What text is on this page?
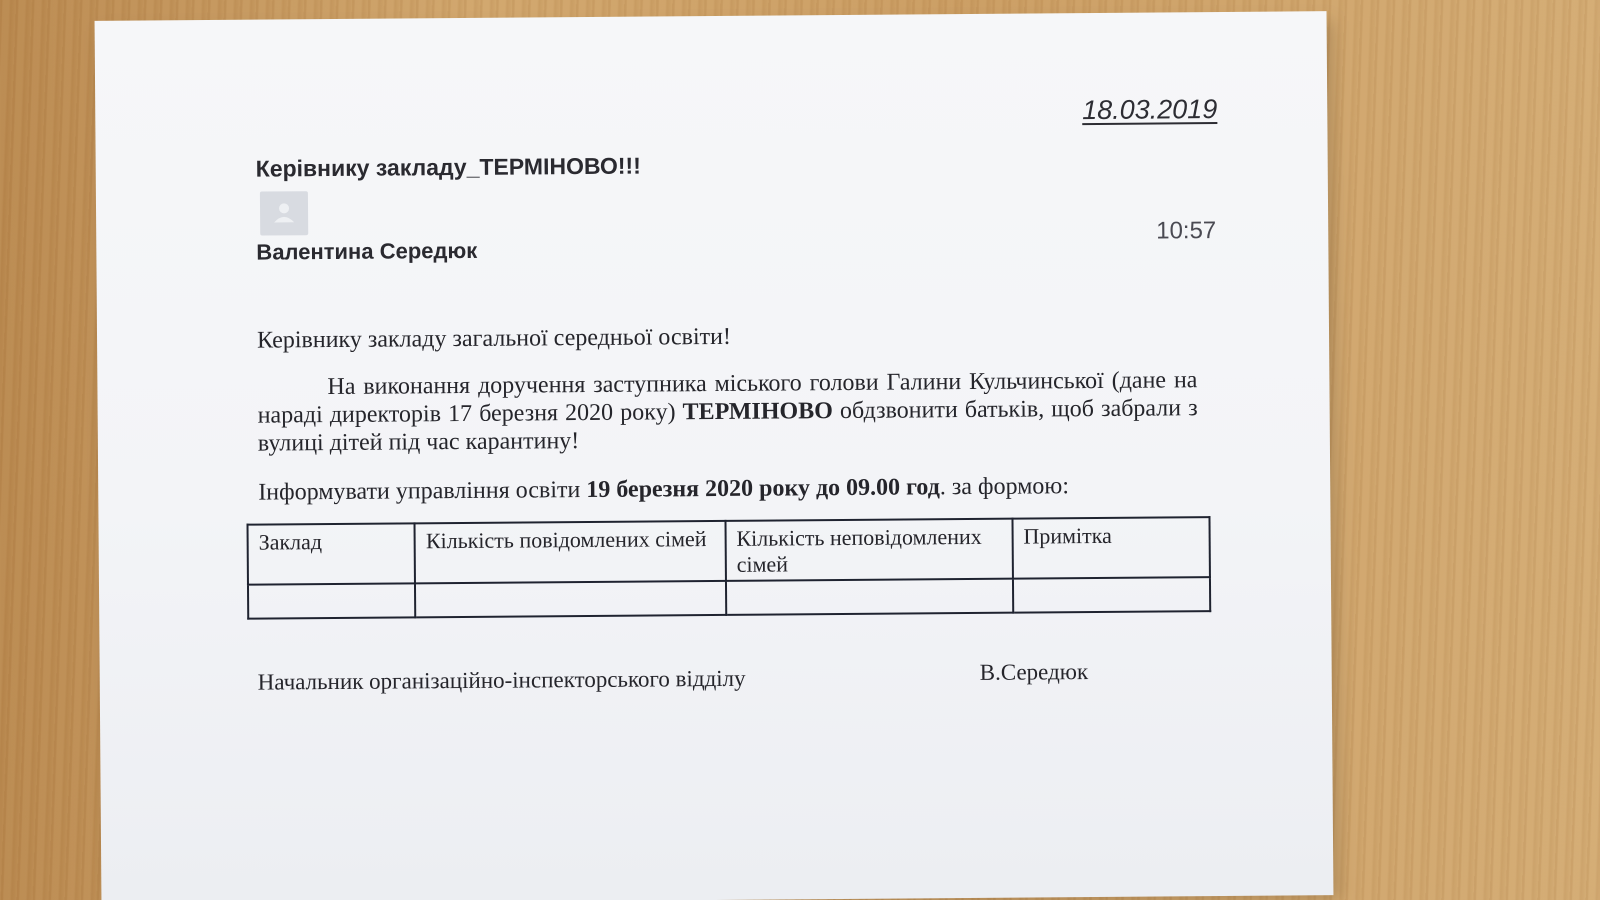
18.03.2019
Керівнику закладу_ТЕРМІНОВО!!!
Валентина Середюк
10:57
Керівнику закладу загальної середньої освіти!
На виконання доручення заступника міського голови Галини Кульчинської (дане на нараді директорів 17 березня 2020 року) ТЕРМІНОВО обдзвонити батьків, щоб забрали з вулиці дітей під час карантину!
Інформувати управління освіти 19 березня 2020 року до 09.00 год. за формою:
Заклад	Кількість повідомлених сімей	Кількість неповідомлених сімей	Примітка

Начальник організаційно-інспекторського відділу	В.Середюк
